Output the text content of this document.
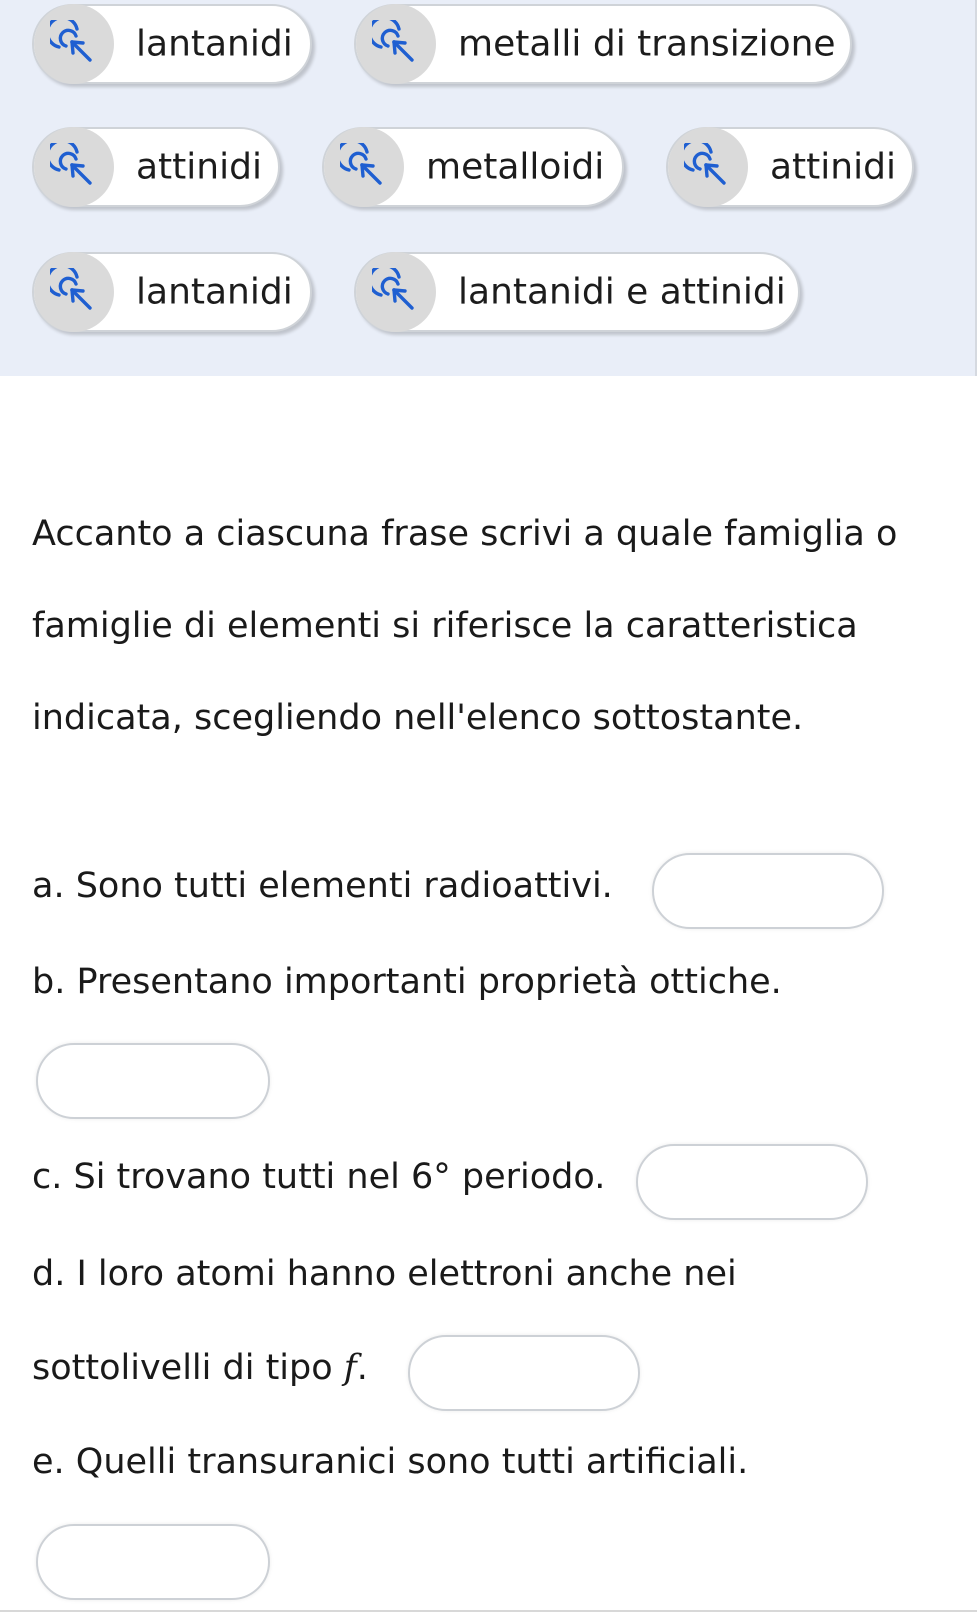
lantanidi	metalli di transizione
attinidi	metalloidi	attinidi
lantanidi	lantanidi e attinidi

Accanto a ciascuna frase scrivi a quale famiglia o famiglie di elementi si riferisce la caratteristica indicata, scegliendo nell'elenco sottostante.

a. Sono tutti elementi radioattivi.
b. Presentano importanti proprietà ottiche.
c. Si trovano tutti nel 6° periodo.
d. I loro atomi hanno elettroni anche nei
sottolivelli di tipo f.
e. Quelli transuranici sono tutti artificiali.
